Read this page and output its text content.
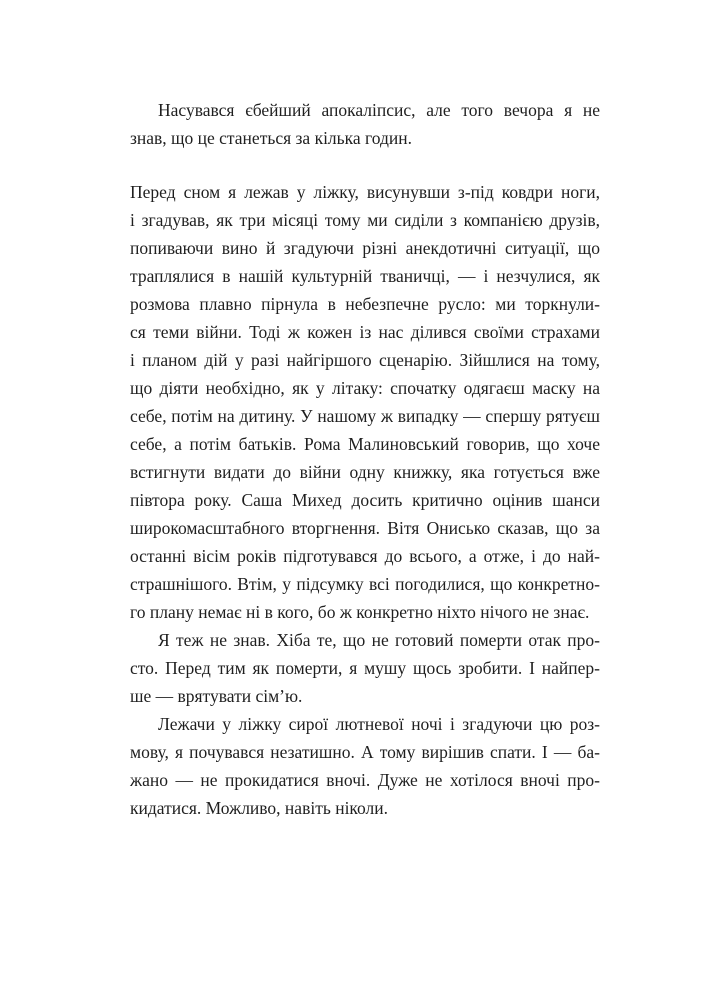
Насувався єбейший апокаліпсис, але того вечора я не
знав, що це станеться за кілька годин.
Перед сном я лежав у ліжку, висунувши з-під ковдри ноги,
і згадував, як три місяці тому ми сиділи з компанією друзів,
попиваючи вино й згадуючи різні анекдотичні ситуації, що
траплялися в нашій культурній тваничці, — і незчулися, як
розмова плавно пірнула в небезпечне русло: ми торкнули-
ся теми війни. Тоді ж кожен із нас ділився своїми страхами
і планом дій у разі найгіршого сценарію. Зійшлися на тому,
що діяти необхідно, як у літаку: спочатку одягаєш маску на
себе, потім на дитину. У нашому ж випадку — спершу рятуєш
себе, а потім батьків. Рома Малиновський говорив, що хоче
встигнути видати до війни одну книжку, яка готується вже
півтора року. Саша Михед досить критично оцінив шанси
широкомасштабного вторгнення. Вітя Онисько сказав, що за
останні вісім років підготувався до всього, а отже, і до най-
страшнішого. Втім, у підсумку всі погодилися, що конкретно-
го плану немає ні в кого, бо ж конкретно ніхто нічого не знає.
Я теж не знав. Хіба те, що не готовий померти отак про-
сто. Перед тим як померти, я мушу щось зробити. І найпер-
ше — врятувати сім’ю.
Лежачи у ліжку сирої лютневої ночі і згадуючи цю роз-
мову, я почувався незатишно. А тому вирішив спати. І — ба-
жано — не прокидатися вночі. Дуже не хотілося вночі про-
кидатися. Можливо, навіть ніколи.
